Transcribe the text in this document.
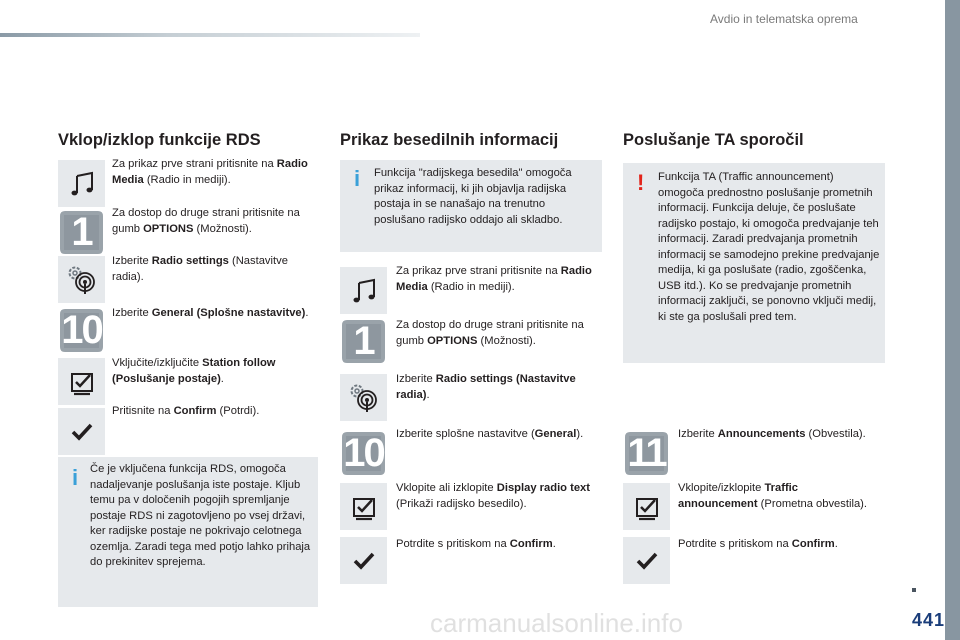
Avdio in telematska oprema
441
carmanualsonline.info
Vklop/izklop funkcije RDS
Za prikaz prve strani pritisnite na Radio Media (Radio in mediji).
1 Za dostop do druge strani pritisnite na gumb OPTIONS (Možnosti).
Izberite Radio settings (Nastavitve radia).
10 Izberite General (Splošne nastavitve).
Vključite/izključite Station follow (Poslušanje postaje).
Pritisnite na Confirm (Potrdi).
i Če je vključena funkcija RDS, omogoča nadaljevanje poslušanja iste postaje. Kljub temu pa v določenih pogojih spremljanje postaje RDS ni zagotovljeno po vsej državi, ker radijske postaje ne pokrivajo celotnega ozemlja. Zaradi tega med potjo lahko prihaja do prekinitev sprejema.
Prikaz besedilnih informacij
i Funkcija "radijskega besedila" omogoča prikaz informacij, ki jih objavlja radijska postaja in se nanašajo na trenutno poslušano radijsko oddajo ali skladbo.
Za prikaz prve strani pritisnite na Radio Media (Radio in mediji).
1 Za dostop do druge strani pritisnite na gumb OPTIONS (Možnosti).
Izberite Radio settings (Nastavitve radia).
10 Izberite splošne nastavitve (General).
Vklopite ali izklopite Display radio text (Prikaži radijsko besedilo).
Potrdite s pritiskom na Confirm.
Poslušanje TA sporočil
! Funkcija TA (Traffic announcement) omogoča prednostno poslušanje prometnih informacij. Funkcija deluje, če poslušate radijsko postajo, ki omogoča predvajanje teh informacij. Zaradi predvajanja prometnih informacij se samodejno prekine predvajanje medija, ki ga poslušate (radio, zgoščenka, USB itd.). Ko se predvajanje prometnih informacij zaključi, se ponovno vključi medij, ki ste ga poslušali pred tem.
11 Izberite Announcements (Obvestila).
Vklopite/izklopite Traffic announcement (Prometna obvestila).
Potrdite s pritiskom na Confirm.
